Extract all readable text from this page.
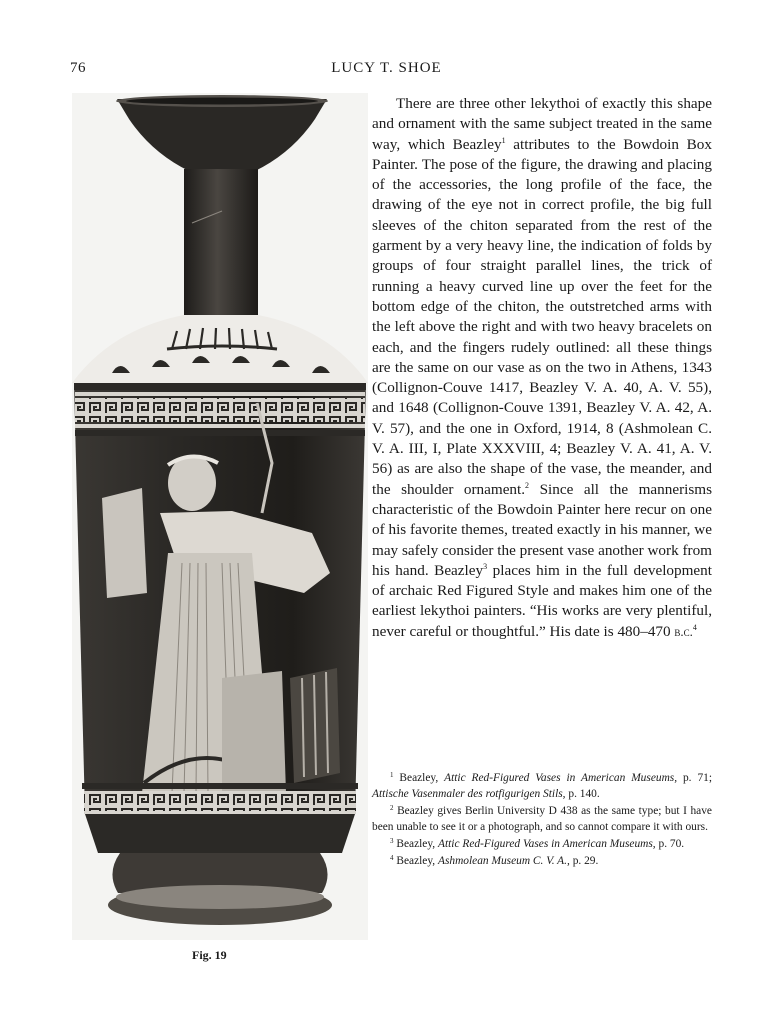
76	LUCY T. SHOE
Fig. 19

There are three other lekythoi of exactly this shape and ornament with the same subject treated in the same way, which Beazley$^1$ attributes to the Bowdoin Box Painter. The pose of the figure, the drawing and placing of the accessories, the long profile of the face, the drawing of the eye not in correct profile, the big full sleeves of the chiton separated from the rest of the garment by a very heavy line, the indication of folds by groups of four straight parallel lines, the trick of running a heavy curved line up over the feet for the bottom edge of the chiton, the outstretched arms with the left above the right and with two heavy bracelets on each, and the fingers rudely outlined: all these things are the same on our vase as on the two in Athens, 1343 (Collignon-Couve 1417, Beazley V. A. 40, A. V. 55), and 1648 (Collignon-Couve 1391, Beazley V. A. 42, A. V. 57), and the one in Oxford, 1914, 8 (Ashmolean C. V. A. III, I, Plate XXXVIII, 4; Beazley V. A. 41, A. V. 56) as are also the shape of the vase, the meander, and the shoulder ornament.$^2$ Since all the mannerisms characteristic of the Bowdoin Painter here recur on one of his favorite themes, treated exactly in his manner, we may safely consider the present vase another work from his hand. Beazley$^3$ places him in the full development of archaic Red Figured Style and makes him one of the earliest lekythoi painters. “His works are very plentiful, never careful or thoughtful.” His date is 480–470 b.c.$^4$

$^1$ Beazley, Attic Red-Figured Vases in American Museums, p. 71; Attische Vasenmaler des rotfigurigen Stils, p. 140.

$^2$ Beazley gives Berlin University D 438 as the same type; but I have been unable to see it or a photograph, and so cannot compare it with ours.

$^3$ Beazley, Attic Red-Figured Vases in American Museums, p. 70.

$^4$ Beazley, Ashmolean Museum C. V. A., p. 29.
